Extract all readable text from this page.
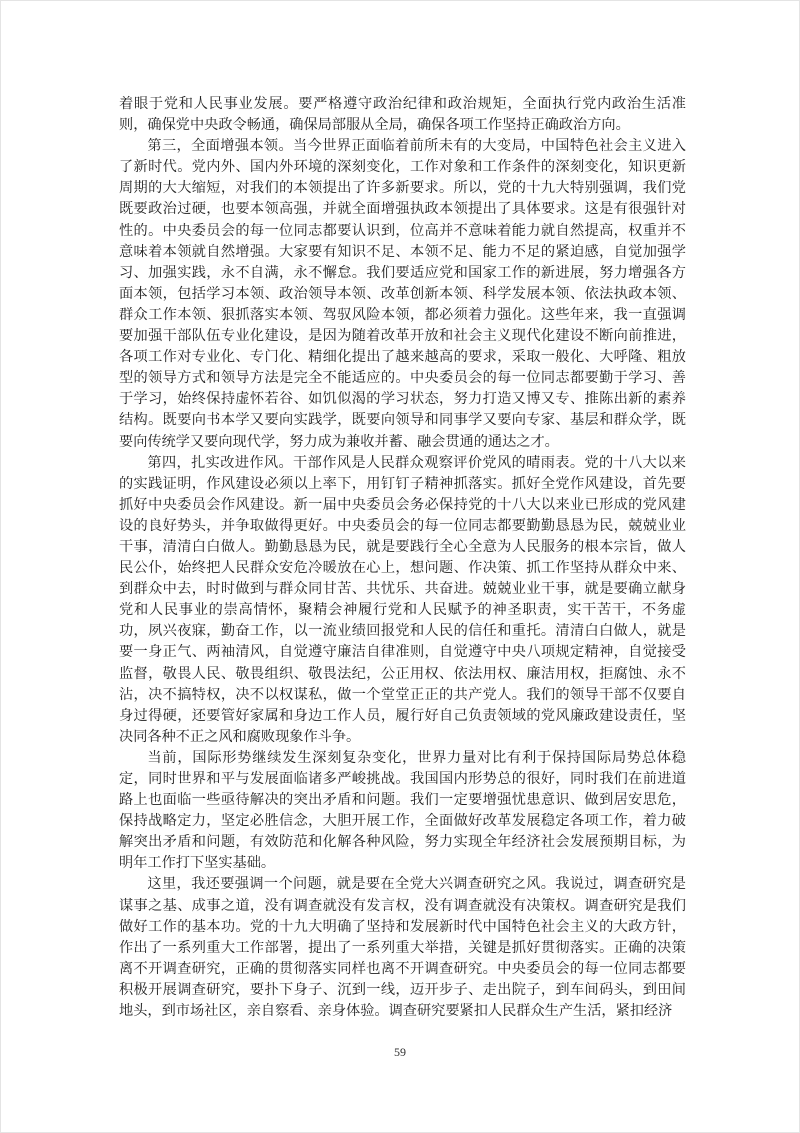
着眼于党和人民事业发展。要严格遵守政治纪律和政治规矩，全面执行党内政治生活准则，确保党中央政令畅通，确保局部服从全局，确保各项工作坚持正确政治方向。

第三，全面增强本领。当今世界正面临着前所未有的大变局，中国特色社会主义进入了新时代。党内外、国内外环境的深刻变化，工作对象和工作条件的深刻变化，知识更新周期的大大缩短，对我们的本领提出了许多新要求。所以，党的十九大特别强调，我们党既要政治过硬，也要本领高强，并就全面增强执政本领提出了具体要求。这是有很强针对性的。中央委员会的每一位同志都要认识到，位高并不意味着能力就自然提高，权重并不意味着本领就自然增强。大家要有知识不足、本领不足、能力不足的紧迫感，自觉加强学习、加强实践，永不自满，永不懈怠。我们要适应党和国家工作的新进展，努力增强各方面本领，包括学习本领、政治领导本领、改革创新本领、科学发展本领、依法执政本领、群众工作本领、狠抓落实本领、驾驭风险本领，都必须着力强化。这些年来，我一直强调要加强干部队伍专业化建设，是因为随着改革开放和社会主义现代化建设不断向前推进，各项工作对专业化、专门化、精细化提出了越来越高的要求，采取一般化、大呼隆、粗放型的领导方式和领导方法是完全不能适应的。中央委员会的每一位同志都要勤于学习、善于学习，始终保持虚怀若谷、如饥似渴的学习状态，努力打造又博又专、推陈出新的素养结构。既要向书本学又要向实践学，既要向领导和同事学又要向专家、基层和群众学，既要向传统学又要向现代学，努力成为兼收并蓄、融会贯通的通达之才。

第四，扎实改进作风。干部作风是人民群众观察评价党风的晴雨表。党的十八大以来的实践证明，作风建设必须以上率下，用钉钉子精神抓落实。抓好全党作风建设，首先要抓好中央委员会作风建设。新一届中央委员会务必保持党的十八大以来业已形成的党风建设的良好势头，并争取做得更好。中央委员会的每一位同志都要勤勤恳恳为民，兢兢业业干事，清清白白做人。勤勤恳恳为民，就是要践行全心全意为人民服务的根本宗旨，做人民公仆，始终把人民群众安危冷暖放在心上，想问题、作决策、抓工作坚持从群众中来、到群众中去，时时做到与群众同甘苦、共忧乐、共奋进。兢兢业业干事，就是要确立献身党和人民事业的崇高情怀，聚精会神履行党和人民赋予的神圣职责，实干苦干，不务虚功，夙兴夜寐，勤奋工作，以一流业绩回报党和人民的信任和重托。清清白白做人，就是要一身正气、两袖清风，自觉遵守廉洁自律准则，自觉遵守中央八项规定精神，自觉接受监督，敬畏人民、敬畏组织、敬畏法纪，公正用权、依法用权、廉洁用权，拒腐蚀、永不沾，决不搞特权，决不以权谋私，做一个堂堂正正的共产党人。我们的领导干部不仅要自身过得硬，还要管好家属和身边工作人员，履行好自己负责领域的党风廉政建设责任，坚决同各种不正之风和腐败现象作斗争。

当前，国际形势继续发生深刻复杂变化，世界力量对比有利于保持国际局势总体稳定，同时世界和平与发展面临诸多严峻挑战。我国国内形势总的很好，同时我们在前进道路上也面临一些亟待解决的突出矛盾和问题。我们一定要增强忧患意识、做到居安思危，保持战略定力，坚定必胜信念，大胆开展工作，全面做好改革发展稳定各项工作，着力破解突出矛盾和问题，有效防范和化解各种风险，努力实现全年经济社会发展预期目标，为明年工作打下坚实基础。

这里，我还要强调一个问题，就是要在全党大兴调查研究之风。我说过，调查研究是谋事之基、成事之道，没有调查就没有发言权，没有调查就没有决策权。调查研究是我们做好工作的基本功。党的十九大明确了坚持和发展新时代中国特色社会主义的大政方针，作出了一系列重大工作部署，提出了一系列重大举措，关键是抓好贯彻落实。正确的决策离不开调查研究，正确的贯彻落实同样也离不开调查研究。中央委员会的每一位同志都要积极开展调查研究，要扑下身子、沉到一线，迈开步子、走出院子，到车间码头，到田间地头，到市场社区，亲自察看、亲身体验。调查研究要紧扣人民群众生产生活，紧扣经济

59
